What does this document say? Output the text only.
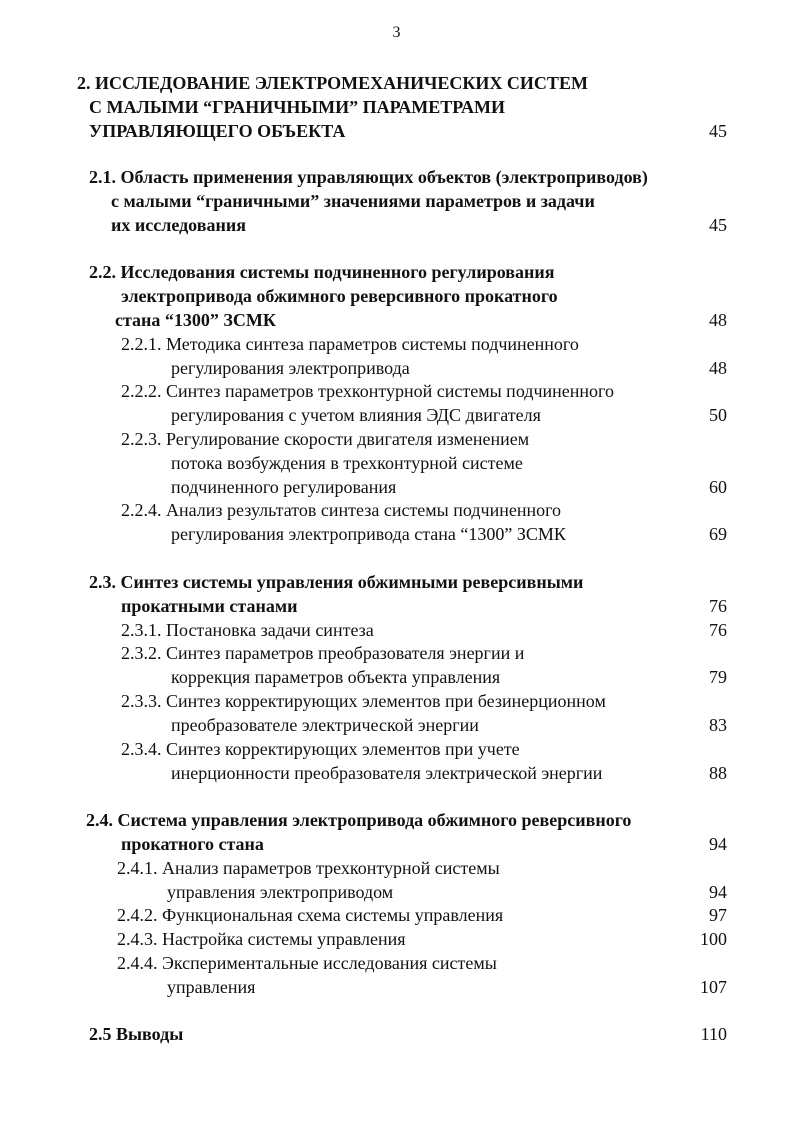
3
2. ИССЛЕДОВАНИЕ ЭЛЕКТРОМЕХАНИЧЕСКИХ СИСТЕМ
С МАЛЫМИ “ГРАНИЧНЫМИ” ПАРАМЕТРАМИ
УПРАВЛЯЮЩЕГО ОБЪЕКТА	45
2.1. Область применения управляющих объектов (электроприводов)
с малыми “граничными” значениями параметров и задачи
их исследования	45
2.2. Исследования системы подчиненного регулирования
электропривода обжимного реверсивного прокатного
стана “1300” ЗСМК	48
2.2.1. Методика синтеза параметров системы подчиненного
регулирования электропривода	48
2.2.2. Синтез параметров трехконтурной системы подчиненного
регулирования с учетом влияния ЭДС двигателя	50
2.2.3. Регулирование скорости двигателя изменением
потока возбуждения в трехконтурной системе
подчиненного регулирования	60
2.2.4. Анализ результатов синтеза системы подчиненного
регулирования электропривода стана “1300” ЗСМК	69
2.3. Синтез системы управления обжимными реверсивными
прокатными станами	76
2.3.1. Постановка задачи синтеза	76
2.3.2. Синтез параметров преобразователя энергии и
коррекция параметров объекта управления	79
2.3.3. Синтез корректирующих элементов при безинерционном
преобразователе электрической энергии	83
2.3.4. Синтез корректирующих элементов при учете
инерционности преобразователя электрической энергии	88
2.4. Система управления электропривода обжимного реверсивного
прокатного стана	94
2.4.1. Анализ параметров трехконтурной системы
управления электроприводом	94
2.4.2. Функциональная схема системы управления	97
2.4.3. Настройка системы управления	100
2.4.4. Экспериментальные исследования системы
управления	107
2.5 Выводы	110
